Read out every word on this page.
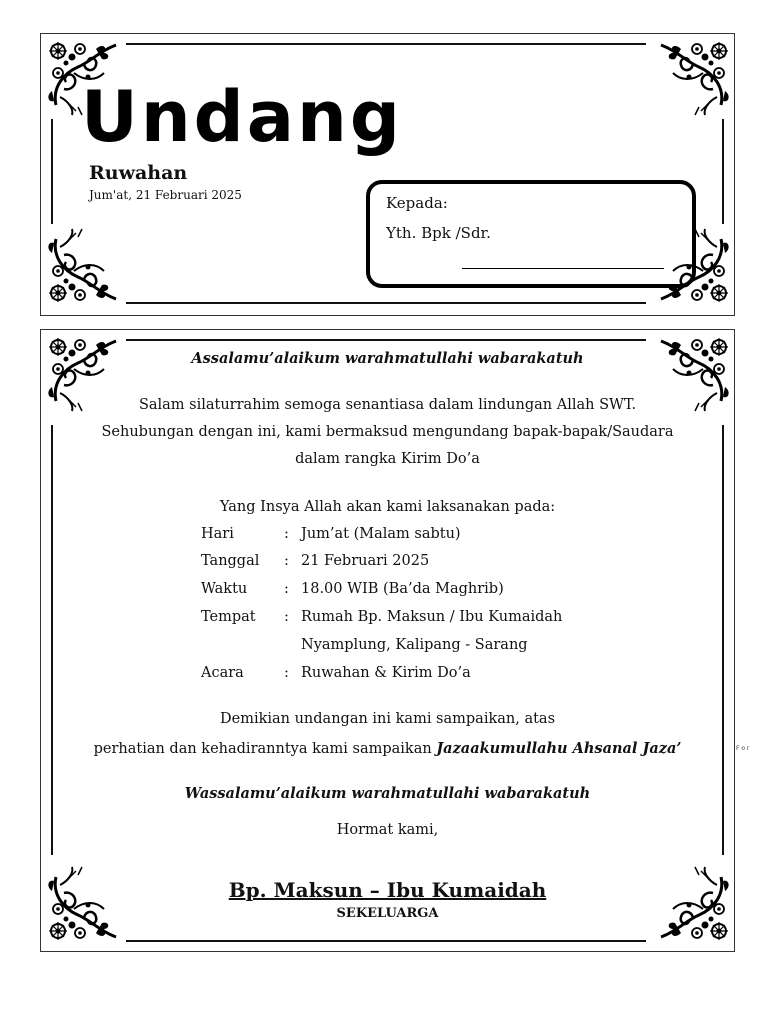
Undang
Ruwahan
Jum'at, 21 Februari 2025	Kepada:
Yth. Bpk /Sdr.
Assalamu’alaikum warahmatullahi wabarakatuh
Salam silaturrahim semoga senantiasa dalam lindungan Allah SWT.
Sehubungan dengan ini, kami bermaksud mengundang bapak-bapak/Saudara
dalam rangka Kirim Do’a
Yang Insya Allah akan kami laksanakan pada:
Hari	: Jum’at (Malam sabtu)
Tanggal	: 21 Februari 2025
Waktu	: 18.00 WIB (Ba’da Maghrib)
Tempat	: Rumah Bp. Maksun / Ibu Kumaidah
Nyamplung, Kalipang - Sarang
Acara	: Ruwahan & Kirim Do’a
Demikian undangan ini kami sampaikan, atas
perhatian dan kehadiranntya kami sampaikan Jazaakumullahu Ahsanal Jaza’
Wassalamu’alaikum warahmatullahi wabarakatuh
Hormat kami,
Bp. Maksun – Ibu Kumaidah
SEKELUARGA
F o r
